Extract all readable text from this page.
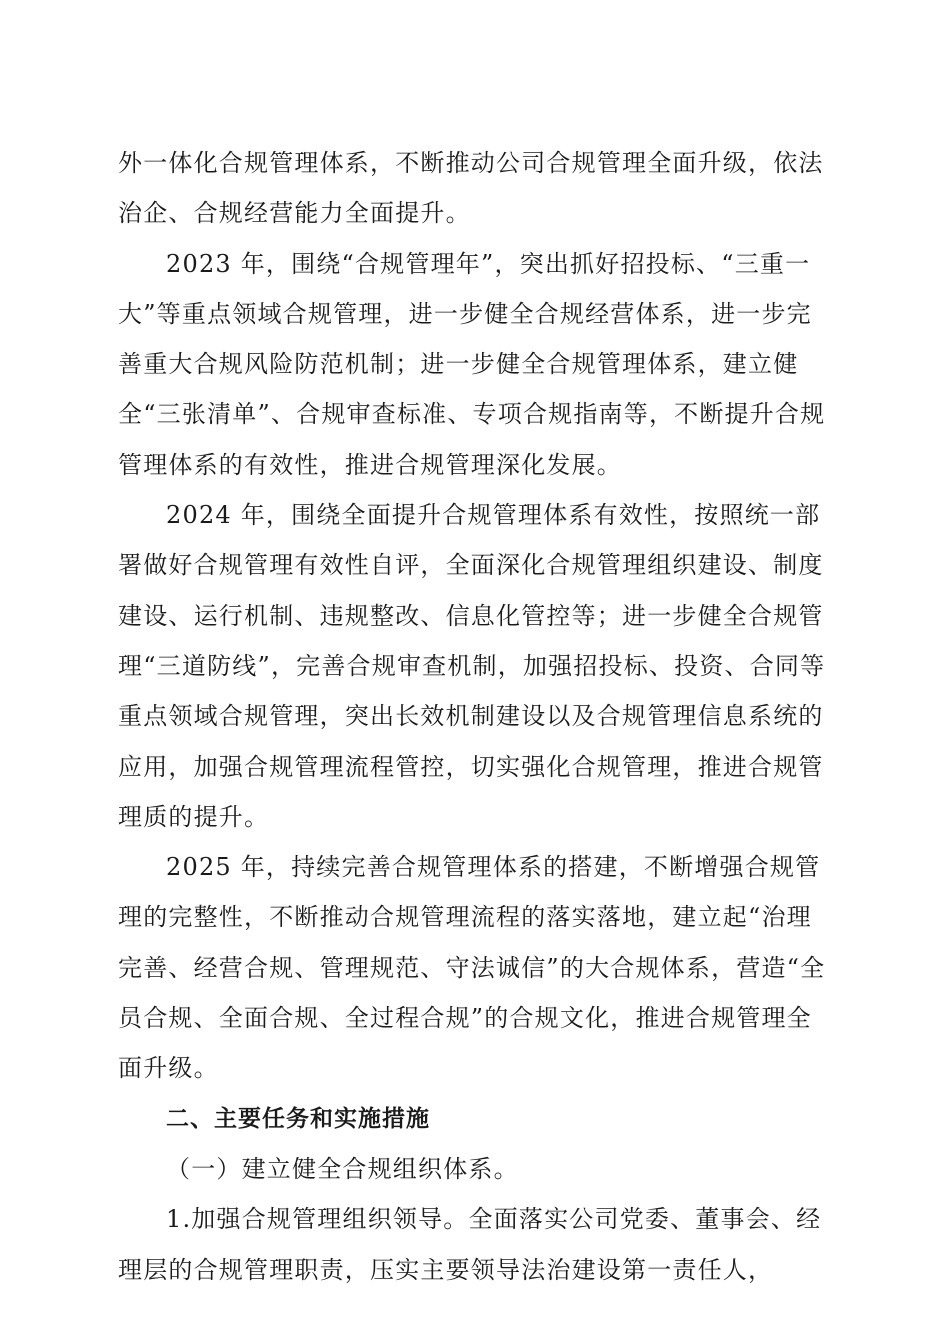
外一体化合规管理体系，不断推动公司合规管理全面升级，依法治企、合规经营能力全面提升。

2023 年，围绕“合规管理年”，突出抓好招投标、“三重一大”等重点领域合规管理，进一步健全合规经营体系，进一步完善重大合规风险防范机制；进一步健全合规管理体系，建立健全“三张清单”、合规审查标准、专项合规指南等，不断提升合规管理体系的有效性，推进合规管理深化发展。

2024 年，围绕全面提升合规管理体系有效性，按照统一部署做好合规管理有效性自评，全面深化合规管理组织建设、制度建设、运行机制、违规整改、信息化管控等；进一步健全合规管理“三道防线”，完善合规审查机制，加强招投标、投资、合同等重点领域合规管理，突出长效机制建设以及合规管理信息系统的应用，加强合规管理流程管控，切实强化合规管理，推进合规管理质的提升。

2025 年，持续完善合规管理体系的搭建，不断增强合规管理的完整性，不断推动合规管理流程的落实落地，建立起“治理完善、经营合规、管理规范、守法诚信”的大合规体系，营造“全员合规、全面合规、全过程合规”的合规文化，推进合规管理全面升级。

二、主要任务和实施措施

（一）建立健全合规组织体系。

1.加强合规管理组织领导。全面落实公司党委、董事会、经理层的合规管理职责，压实主要领导法治建设第一责任人，
